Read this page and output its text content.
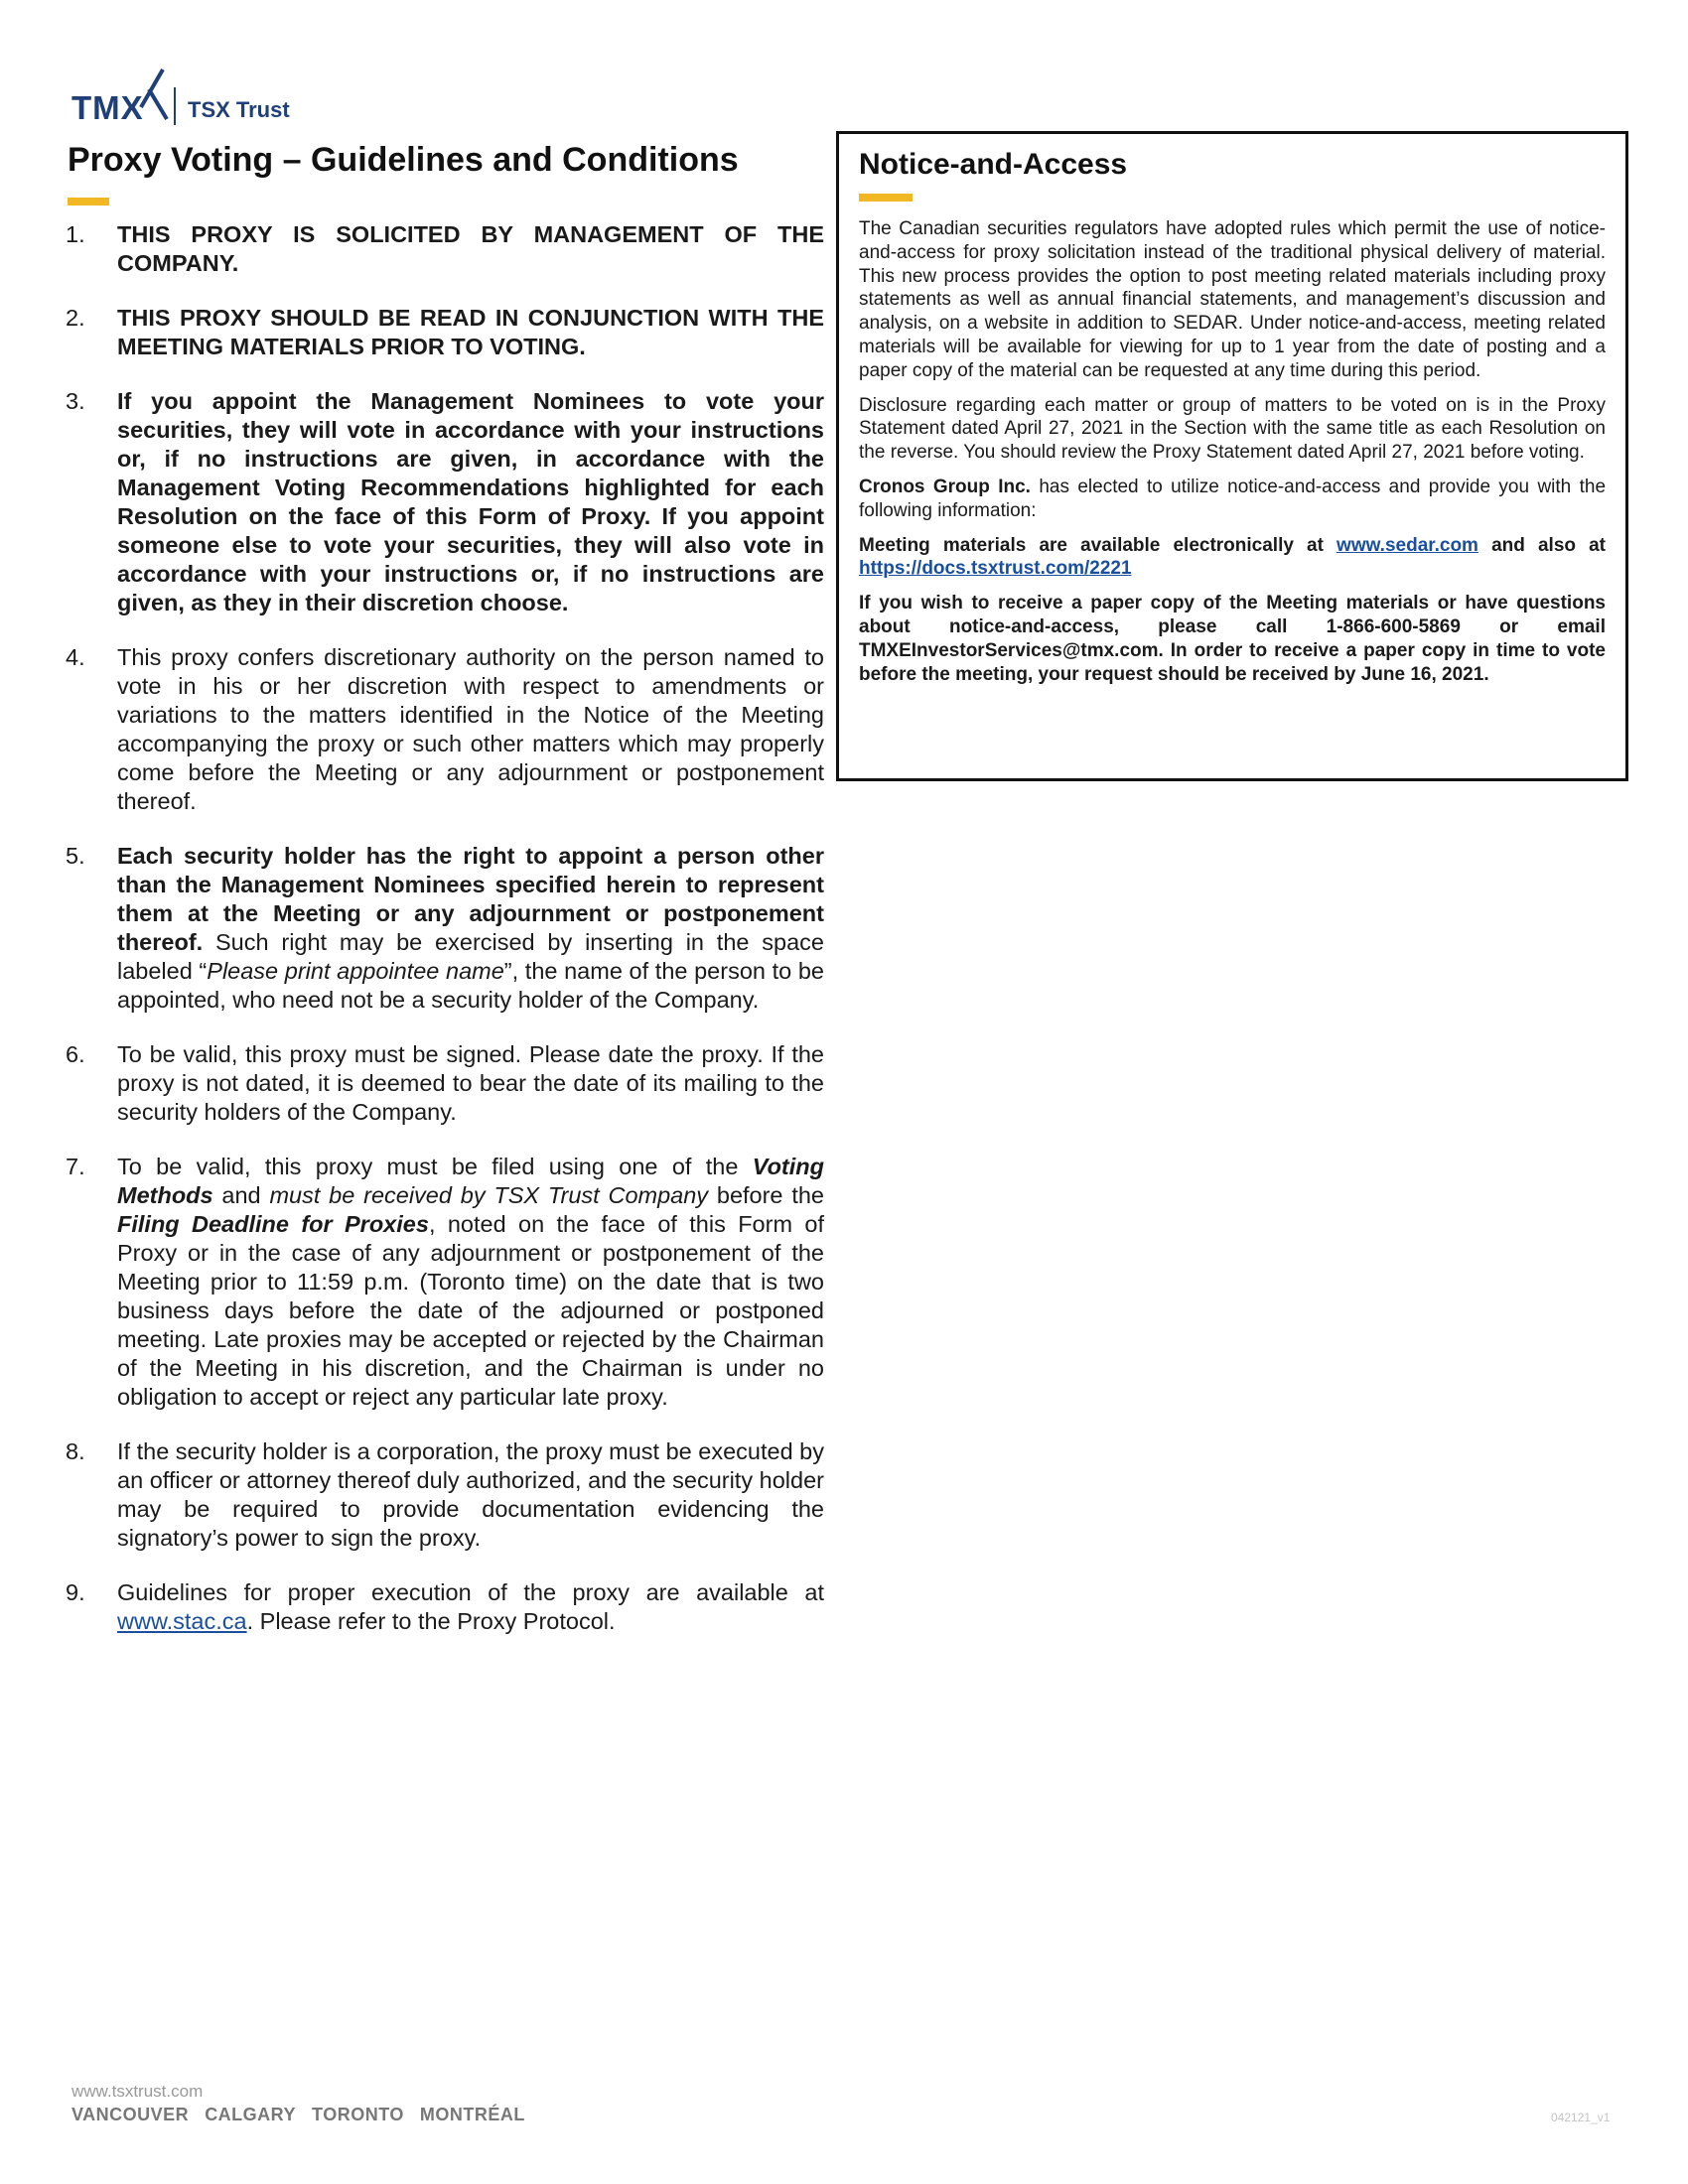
TMX TSX Trust
Proxy Voting – Guidelines and Conditions
1. THIS PROXY IS SOLICITED BY MANAGEMENT OF THE COMPANY.
2. THIS PROXY SHOULD BE READ IN CONJUNCTION WITH THE MEETING MATERIALS PRIOR TO VOTING.
3. If you appoint the Management Nominees to vote your securities, they will vote in accordance with your instructions or, if no instructions are given, in accordance with the Management Voting Recommendations highlighted for each Resolution on the face of this Form of Proxy. If you appoint someone else to vote your securities, they will also vote in accordance with your instructions or, if no instructions are given, as they in their discretion choose.
4. This proxy confers discretionary authority on the person named to vote in his or her discretion with respect to amendments or variations to the matters identified in the Notice of the Meeting accompanying the proxy or such other matters which may properly come before the Meeting or any adjournment or postponement thereof.
5. Each security holder has the right to appoint a person other than the Management Nominees specified herein to represent them at the Meeting or any adjournment or postponement thereof. Such right may be exercised by inserting in the space labeled “Please print appointee name”, the name of the person to be appointed, who need not be a security holder of the Company.
6. To be valid, this proxy must be signed. Please date the proxy. If the proxy is not dated, it is deemed to bear the date of its mailing to the security holders of the Company.
7. To be valid, this proxy must be filed using one of the Voting Methods and must be received by TSX Trust Company before the Filing Deadline for Proxies, noted on the face of this Form of Proxy or in the case of any adjournment or postponement of the Meeting prior to 11:59 p.m. (Toronto time) on the date that is two business days before the date of the adjourned or postponed meeting. Late proxies may be accepted or rejected by the Chairman of the Meeting in his discretion, and the Chairman is under no obligation to accept or reject any particular late proxy.
8. If the security holder is a corporation, the proxy must be executed by an officer or attorney thereof duly authorized, and the security holder may be required to provide documentation evidencing the signatory’s power to sign the proxy.
9. Guidelines for proper execution of the proxy are available at www.stac.ca. Please refer to the Proxy Protocol.
Notice-and-Access

The Canadian securities regulators have adopted rules which permit the use of notice-and-access for proxy solicitation instead of the traditional physical delivery of material. This new process provides the option to post meeting related materials including proxy statements as well as annual financial statements, and management’s discussion and analysis, on a website in addition to SEDAR. Under notice-and-access, meeting related materials will be available for viewing for up to 1 year from the date of posting and a paper copy of the material can be requested at any time during this period.

Disclosure regarding each matter or group of matters to be voted on is in the Proxy Statement dated April 27, 2021 in the Section with the same title as each Resolution on the reverse. You should review the Proxy Statement dated April 27, 2021 before voting.

Cronos Group Inc. has elected to utilize notice-and-access and provide you with the following information:

Meeting materials are available electronically at www.sedar.com and also at https://docs.tsxtrust.com/2221

If you wish to receive a paper copy of the Meeting materials or have questions about notice-and-access, please call 1-866-600-5869 or email TMXEInvestorServices@tmx.com. In order to receive a paper copy in time to vote before the meeting, your request should be received by June 16, 2021.

www.tsxtrust.com
VANCOUVER CALGARY TORONTO MONTRÉAL	042121_v1
